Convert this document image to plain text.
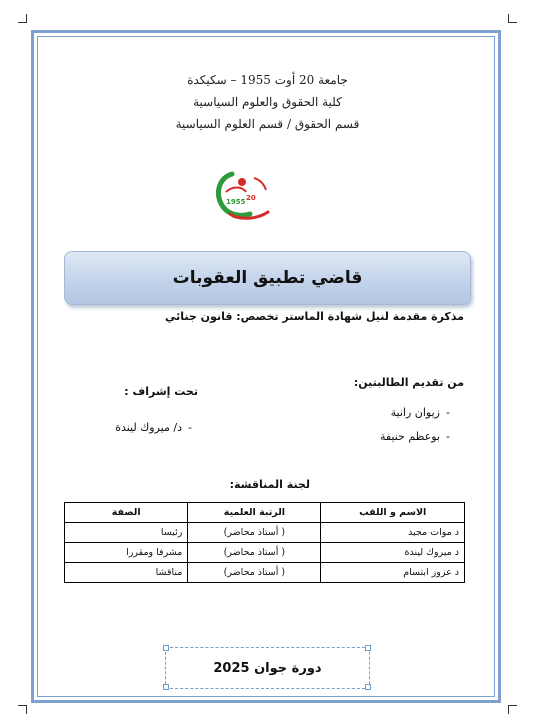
جامعة 20 أوت 1955 – سكيكدة
كلية الحقوق والعلوم السياسية
قسم الحقوق / قسم العلوم السياسية
1955 20
قاضي تطبيق العقوبات
مذكرة مقدمة لنيل شهادة الماستر تخصص: قانون جنائي
من تقديم الطالبتين:
زيوان رانية -
بوعظم حنيفة -
تحت إشراف :
د/ ميروك ليندة -
لجنة المناقشة:
الاسم و اللقب	الرتبة العلمية	الصفة
د موات مجيد	( أستاذ محاضر)	رئيسا
د ميروك ليندة	( أستاذ محاضر)	مشرفا ومقررا
د عزوز ابتسام	( أستاذ محاضر)	مناقشا
دورة جوان 2025
